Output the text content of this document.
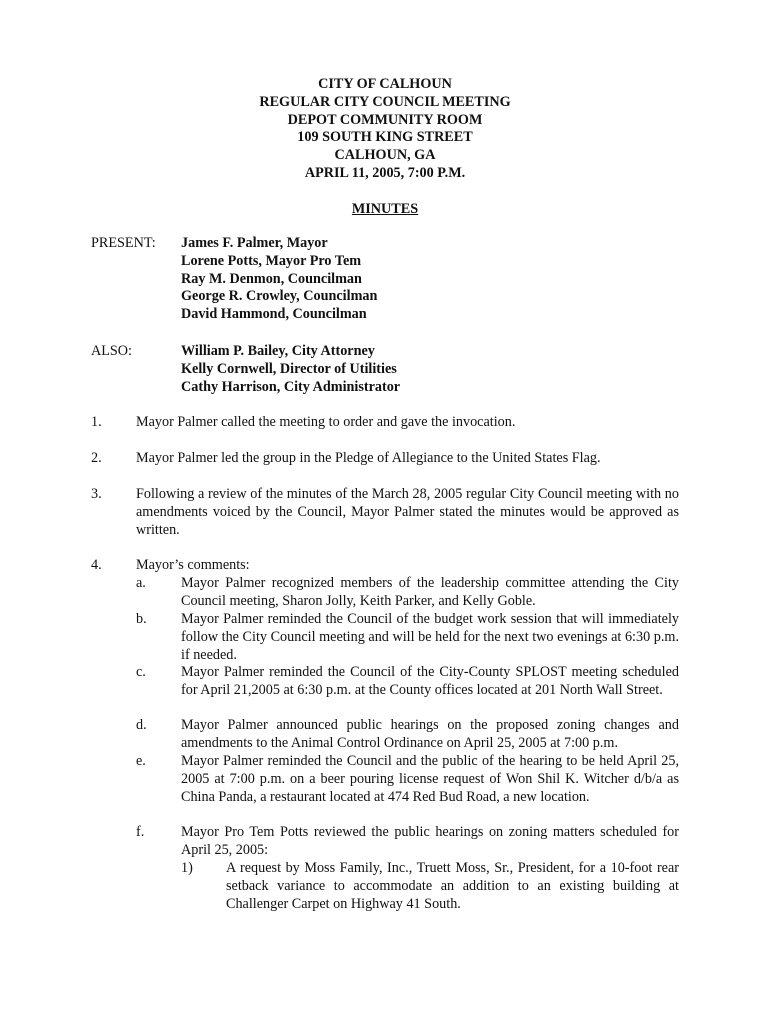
CITY OF CALHOUN
REGULAR CITY COUNCIL MEETING
DEPOT COMMUNITY ROOM
109 SOUTH KING STREET
CALHOUN, GA
APRIL 11, 2005, 7:00 P.M.
MINUTES
PRESENT: James F. Palmer, Mayor
Lorene Potts, Mayor Pro Tem
Ray M. Denmon, Councilman
George R. Crowley, Councilman
David Hammond, Councilman
ALSO:	William P. Bailey, City Attorney
Kelly Cornwell, Director of Utilities
Cathy Harrison, City Administrator
1. Mayor Palmer called the meeting to order and gave the invocation.
2. Mayor Palmer led the group in the Pledge of Allegiance to the United States Flag.
3. Following a review of the minutes of the March 28, 2005 regular City Council meeting with no amendments voiced by the Council, Mayor Palmer stated the minutes would be approved as written.
4. Mayor’s comments:
a. Mayor Palmer recognized members of the leadership committee attending the City Council meeting, Sharon Jolly, Keith Parker, and Kelly Goble.
b. Mayor Palmer reminded the Council of the budget work session that will immediately follow the City Council meeting and will be held for the next two evenings at 6:30 p.m. if needed.
c. Mayor Palmer reminded the Council of the City-County SPLOST meeting scheduled for April 21,2005 at 6:30 p.m. at the County offices located at 201 North Wall Street.
d. Mayor Palmer announced public hearings on the proposed zoning changes and amendments to the Animal Control Ordinance on April 25, 2005 at 7:00 p.m.
e. Mayor Palmer reminded the Council and the public of the hearing to be held April 25, 2005 at 7:00 p.m. on a beer pouring license request of Won Shil K. Witcher d/b/a as China Panda, a restaurant located at 474 Red Bud Road, a new location.
f.	Mayor Pro Tem Potts reviewed the public hearings on zoning matters scheduled for April 25, 2005:
1) A request by Moss Family, Inc., Truett Moss, Sr., President, for a 10-foot rear setback variance to accommodate an addition to an existing building at Challenger Carpet on Highway 41 South.
